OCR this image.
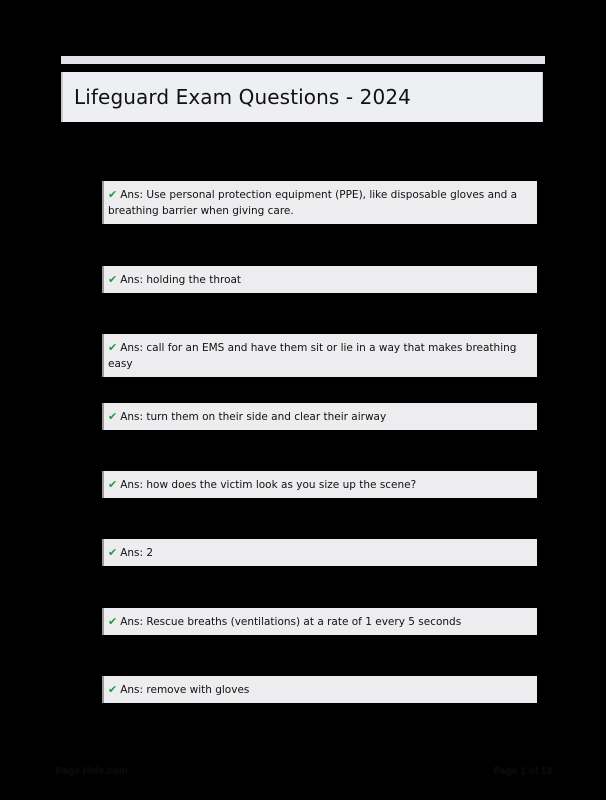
Lifeguard Exam Questions - 2024
✔ Ans: Use personal protection equipment (PPE), like disposable gloves and a breathing barrier when giving care.
✔ Ans: holding the throat
✔ Ans: call for an EMS and have them sit or lie in a way that makes breathing easy
✔ Ans: turn them on their side and clear their airway
✔ Ans: how does the victim look as you size up the scene?
✔ Ans: 2
✔ Ans: Rescue breaths (ventilations) at a rate of 1 every 5 seconds
✔ Ans: remove with gloves
Page Hide.com	Page 1 of 10
